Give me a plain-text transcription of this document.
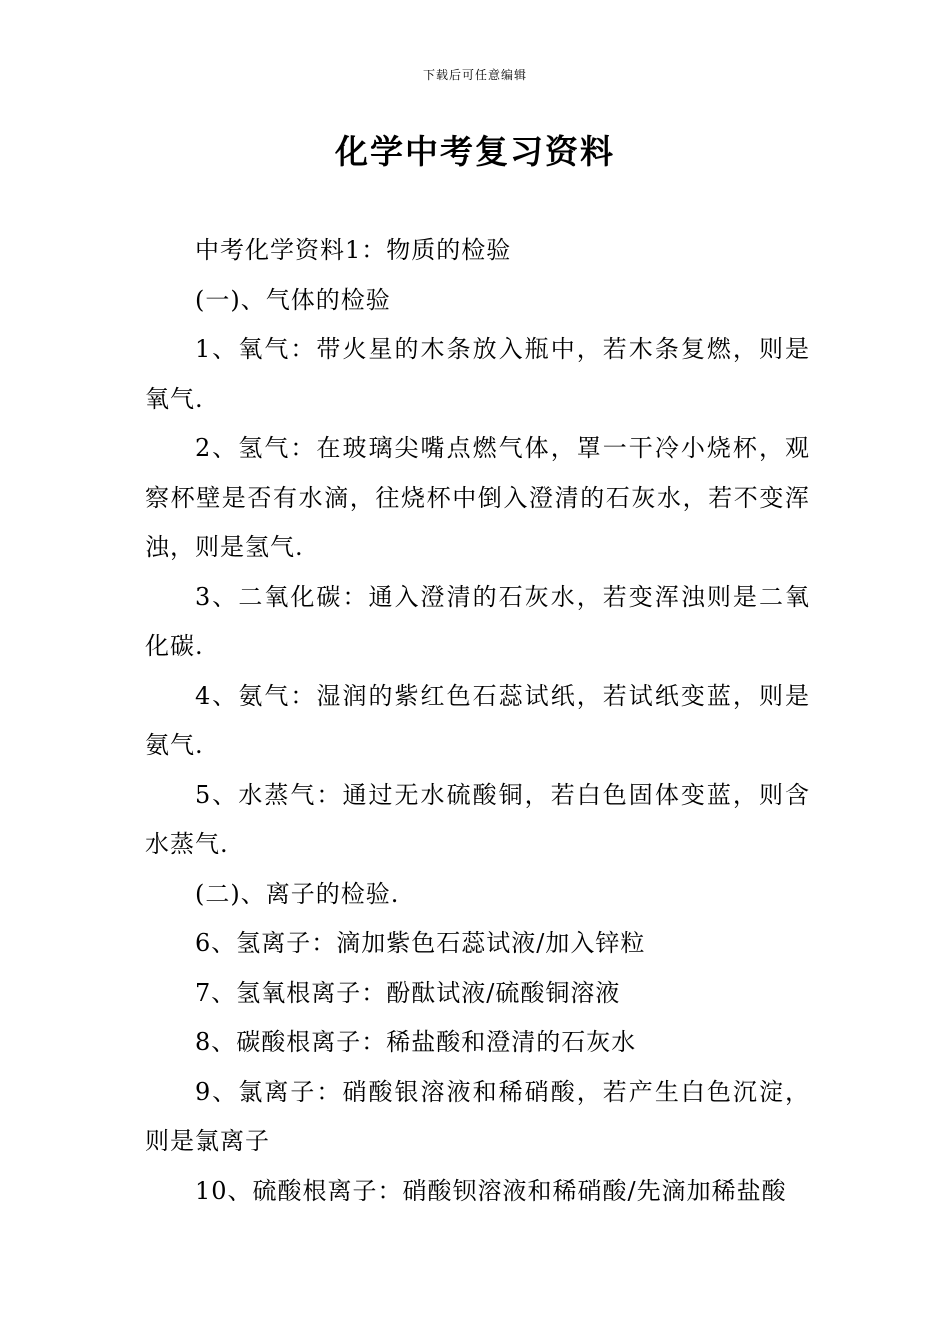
下载后可任意编辑
化学中考复习资料

中考化学资料1：物质的检验

(一)、气体的检验

1、氧气：带火星的木条放入瓶中，若木条复燃，则是氧气.

2、氢气：在玻璃尖嘴点燃气体，罩一干冷小烧杯，观察杯壁是否有水滴，往烧杯中倒入澄清的石灰水，若不变浑浊，则是氢气.

3、二氧化碳：通入澄清的石灰水，若变浑浊则是二氧化碳.

4、氨气：湿润的紫红色石蕊试纸，若试纸变蓝，则是氨气.

5、水蒸气：通过无水硫酸铜，若白色固体变蓝，则含水蒸气.

(二)、离子的检验.

6、氢离子：滴加紫色石蕊试液/加入锌粒

7、氢氧根离子：酚酞试液/硫酸铜溶液

8、碳酸根离子：稀盐酸和澄清的石灰水

9、氯离子：硝酸银溶液和稀硝酸，若产生白色沉淀，则是氯离子

10、硫酸根离子：硝酸钡溶液和稀硝酸/先滴加稀盐酸
